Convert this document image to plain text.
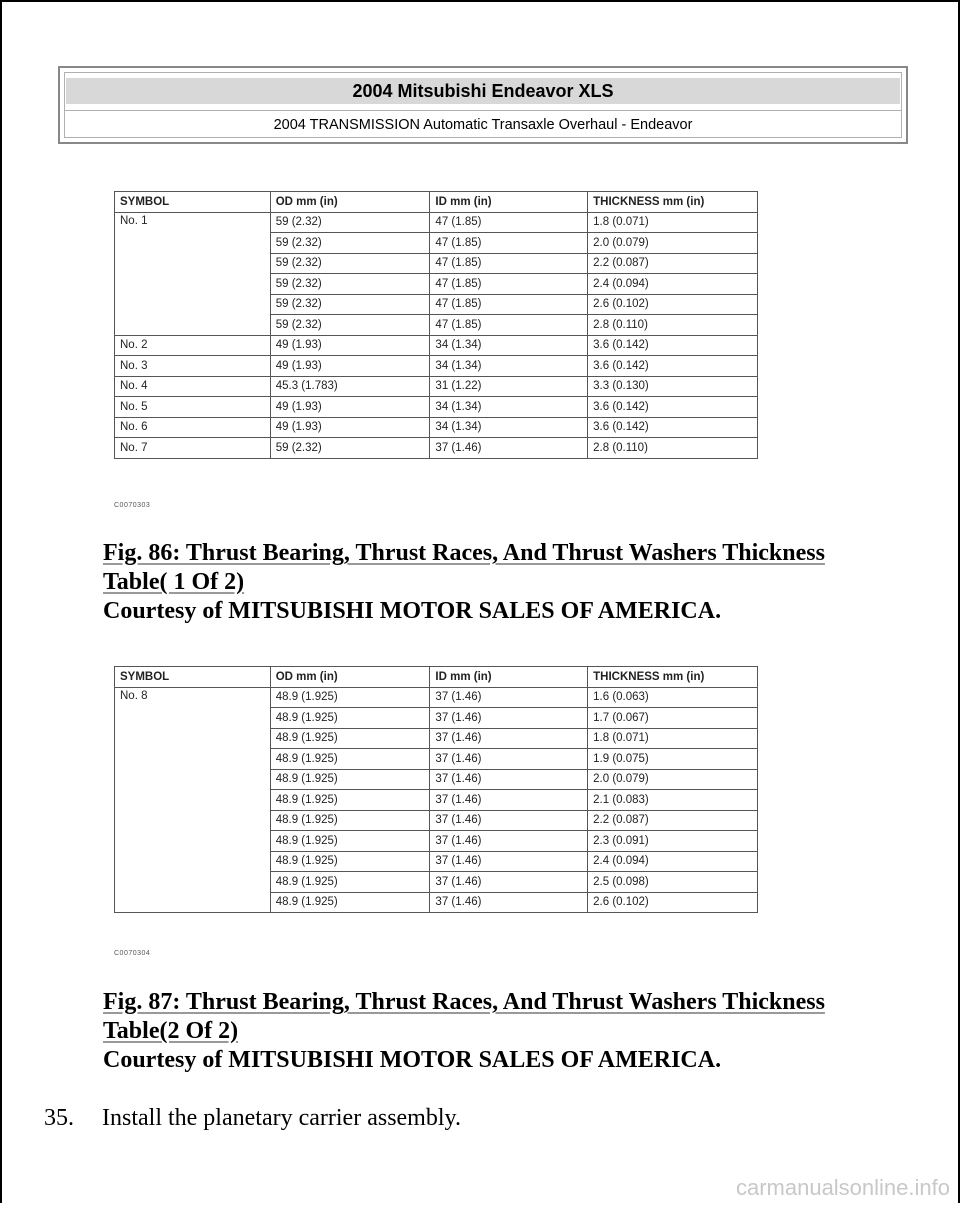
2004 Mitsubishi Endeavor XLS
2004 TRANSMISSION Automatic Transaxle Overhaul - Endeavor
SYMBOL	OD mm (in)	ID mm (in)	THICKNESS mm (in)
No. 1	59 (2.32)	47 (1.85)	1.8 (0.071)
	59 (2.32)	47 (1.85)	2.0 (0.079)
	59 (2.32)	47 (1.85)	2.2 (0.087)
	59 (2.32)	47 (1.85)	2.4 (0.094)
	59 (2.32)	47 (1.85)	2.6 (0.102)
	59 (2.32)	47 (1.85)	2.8 (0.110)
No. 2	49 (1.93)	34 (1.34)	3.6 (0.142)
No. 3	49 (1.93)	34 (1.34)	3.6 (0.142)
No. 4	45.3 (1.783)	31 (1.22)	3.3 (0.130)
No. 5	49 (1.93)	34 (1.34)	3.6 (0.142)
No. 6	49 (1.93)	34 (1.34)	3.6 (0.142)
No. 7	59 (2.32)	37 (1.46)	2.8 (0.110)
C0070303
Fig. 86: Thrust Bearing, Thrust Races, And Thrust Washers Thickness Table( 1 Of 2)
Courtesy of MITSUBISHI MOTOR SALES OF AMERICA.
SYMBOL	OD mm (in)	ID mm (in)	THICKNESS mm (in)
No. 8	48.9 (1.925)	37 (1.46)	1.6 (0.063)
	48.9 (1.925)	37 (1.46)	1.7 (0.067)
	48.9 (1.925)	37 (1.46)	1.8 (0.071)
	48.9 (1.925)	37 (1.46)	1.9 (0.075)
	48.9 (1.925)	37 (1.46)	2.0 (0.079)
	48.9 (1.925)	37 (1.46)	2.1 (0.083)
	48.9 (1.925)	37 (1.46)	2.2 (0.087)
	48.9 (1.925)	37 (1.46)	2.3 (0.091)
	48.9 (1.925)	37 (1.46)	2.4 (0.094)
	48.9 (1.925)	37 (1.46)	2.5 (0.098)
	48.9 (1.925)	37 (1.46)	2.6 (0.102)
C0070304
Fig. 87: Thrust Bearing, Thrust Races, And Thrust Washers Thickness Table(2 Of 2)
Courtesy of MITSUBISHI MOTOR SALES OF AMERICA.
35. Install the planetary carrier assembly.
carmanualsonline.info
